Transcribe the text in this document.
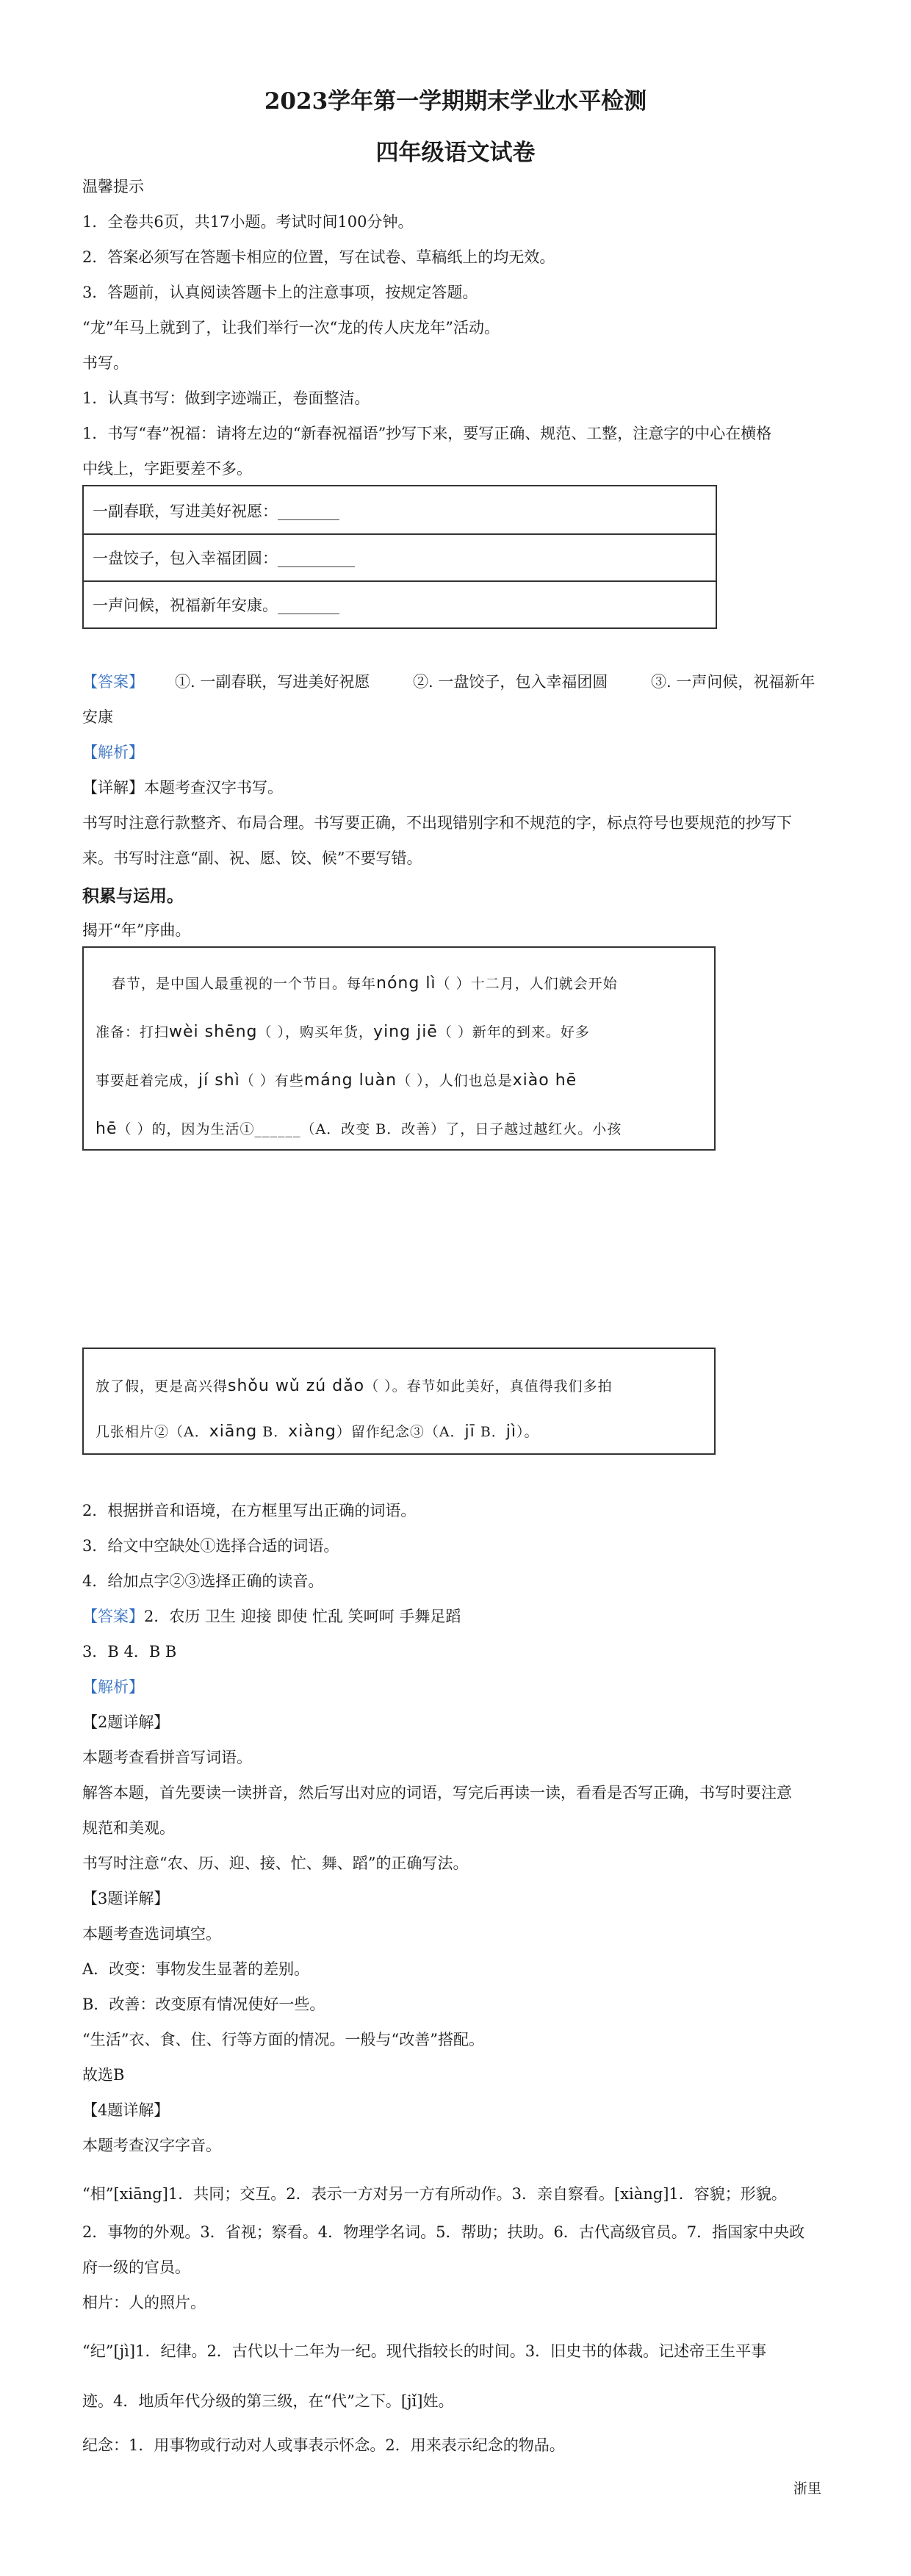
2023学年第一学期期末学业水平检测
四年级语文试卷
温馨提示
1．全卷共6页，共17小题。考试时间100分钟。
2．答案必须写在答题卡相应的位置，写在试卷、草稿纸上的均无效。
3．答题前，认真阅读答题卡上的注意事项，按规定答题。
“龙”年马上就到了，让我们举行一次“龙的传人庆龙年”活动。
书写。
1．认真书写：做到字迹端正，卷面整洁。
1．书写“春”祝福：请将左边的“新春祝福语”抄写下来，要写正确、规范、工整，注意字的中心在横格
中线上，字距要差不多。
一副春联，写进美好祝愿：________
一盘饺子，包入幸福团圆：__________
一声问候，祝福新年安康。________
【答案】 ①. 一副春联，写进美好祝愿	②. 一盘饺子，包入幸福团圆	③. 一声问候，祝福新年
安康
【解析】
【详解】本题考查汉字书写。
书写时注意行款整齐、布局合理。书写要正确，不出现错别字和不规范的字，标点符号也要规范的抄写下
来。书写时注意“副、祝、愿、饺、候”不要写错。
积累与运用。
揭开“年”序曲。
春节，是中国人最重视的一个节日。每年nóng lì（ ）十二月，人们就会开始
准备：打扫wèi shēng（ ），购买年货，ying jiē（ ）新年的到来。好多
事要赶着完成，jí shì（ ）有些máng luàn（ ），人们也总是xiào hē
hē（ ）的，因为生活①______（A．改变 B．改善）了，日子越过越红火。小孩
放了假，更是高兴得shǒu wǔ zú dǎo（ ）。春节如此美好，真值得我们多拍
几张相片②（A．xiāng B．xiàng）留作纪念③（A．jī B．jì）。
2．根据拼音和语境，在方框里写出正确的词语。
3．给文中空缺处①选择合适的词语。
4．给加点字②③选择正确的读音。
【答案】2．农历 卫生 迎接 即使 忙乱 笑呵呵 手舞足蹈
3．B 4．B B
【解析】
【2题详解】
本题考查看拼音写词语。
解答本题，首先要读一读拼音，然后写出对应的词语，写完后再读一读，看看是否写正确，书写时要注意
规范和美观。
书写时注意“农、历、迎、接、忙、舞、蹈”的正确写法。
【3题详解】
本题考查选词填空。
A．改变：事物发生显著的差别。
B．改善：改变原有情况使好一些。
“生活”衣、食、住、行等方面的情况。一般与“改善”搭配。
故选B
【4题详解】
本题考查汉字字音。
“相”[xiāng]1．共同；交互。2．表示一方对另一方有所动作。3．亲自察看。[xiàng]1．容貌；形貌。
2．事物的外观。3．省视；察看。4．物理学名词。5．帮助；扶助。6．古代高级官员。7．指国家中央政
府一级的官员。
相片：人的照片。
“纪”[jì]1．纪律。2．古代以十二年为一纪。现代指较长的时间。3．旧史书的体裁。记述帝王生平事
迹。4．地质年代分级的第三级，在“代”之下。[jǐ]姓。
纪念：1．用事物或行动对人或事表示怀念。2．用来表示纪念的物品。
浙里
